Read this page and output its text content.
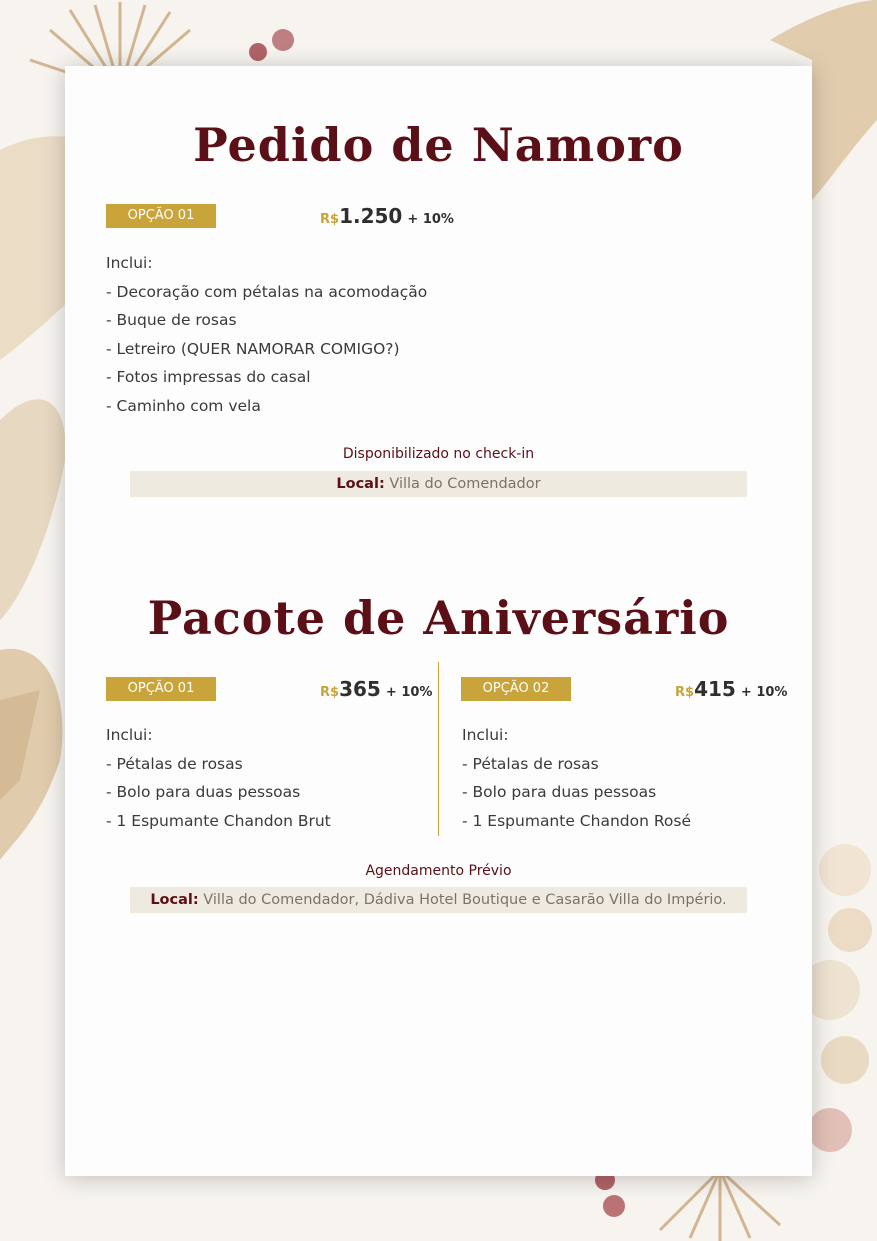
Pedido de Namoro
OPÇÃO 01	R$1.250 + 10%
Inclui:
- Decoração com pétalas na acomodação
- Buque de rosas
- Letreiro (QUER NAMORAR COMIGO?)
- Fotos impressas do casal
- Caminho com vela
Disponibilizado no check-in
Local: Villa do Comendador
Pacote de Aniversário
OPÇÃO 01	R$365 + 10%	OPÇÃO 02	R$415 + 10%
Inclui:
- Pétalas de rosas
- Bolo para duas pessoas
- 1 Espumante Chandon Brut
Inclui:
- Pétalas de rosas
- Bolo para duas pessoas
- 1 Espumante Chandon Rosé
Agendamento Prévio
Local: Villa do Comendador, Dádiva Hotel Boutique e Casarão Villa do Império.
